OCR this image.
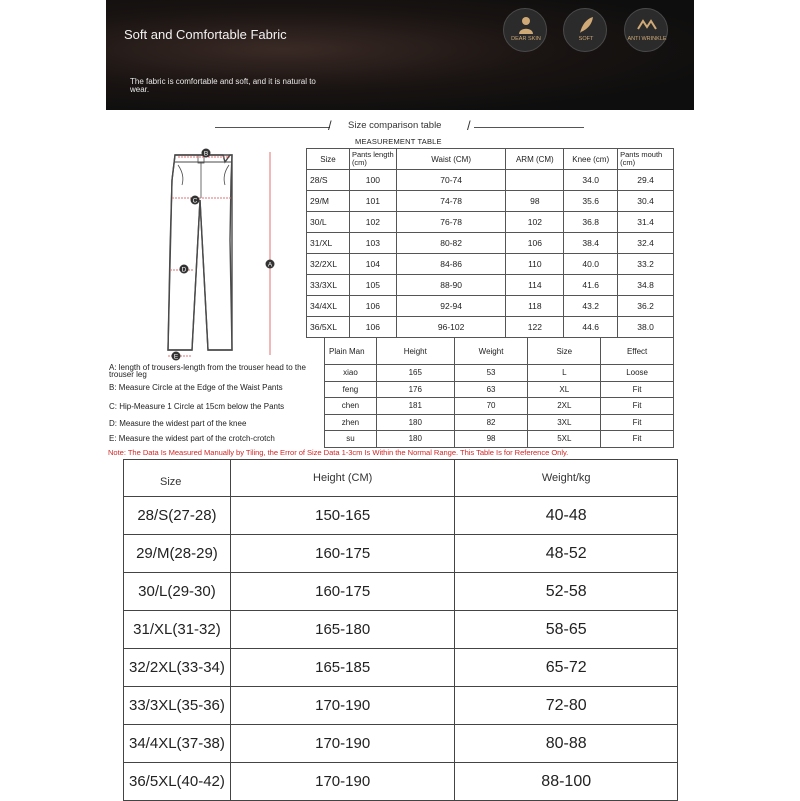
Soft and Comfortable Fabric
The fabric is comfortable and soft, and it is natural to wear.
DEAR SKIN	SOFT	ANTI WRINKLE
/ Size comparison table /
MEASUREMENT TABLE
Size	Pants length (cm)	Waist (CM)	ARM (CM)	Knee (cm)	Pants mouth (cm)
28/S	100	70-74		34.0	29.4
29/M	101	74-78	98	35.6	30.4
30/L	102	76-78	102	36.8	31.4
31/XL	103	80-82	106	38.4	32.4
32/2XL	104	84-86	110	40.0	33.2
33/3XL	105	88-90	114	41.6	34.8
34/4XL	106	92-94	118	43.2	36.2
36/5XL	106	96-102	122	44.6	38.0
Plain Man	Height	Weight	Size	Effect
xiao	165	53	L	Loose
feng	176	63	XL	Fit
chen	181	70	2XL	Fit
zhen	180	82	3XL	Fit
su	180	98	5XL	Fit
B
C
D
E
A
A: length of trousers-length from the trouser head to the trouser leg
B: Measure Circle at the Edge of the Waist Pants
C: Hip-Measure 1 Circle at 15cm below the Pants
D: Measure the widest part of the knee
E: Measure the widest part of the crotch-crotch
Note: The Data Is Measured Manually by Tiling, the Error of Size Data 1-3cm Is Within the Normal Range. This Table Is for Reference Only.
Size	Height (CM)	Weight/kg
28/S(27-28)	150-165	40-48
29/M(28-29)	160-175	48-52
30/L(29-30)	160-175	52-58
31/XL(31-32)	165-180	58-65
32/2XL(33-34)	165-185	65-72
33/3XL(35-36)	170-190	72-80
34/4XL(37-38)	170-190	80-88
36/5XL(40-42)	170-190	88-100
